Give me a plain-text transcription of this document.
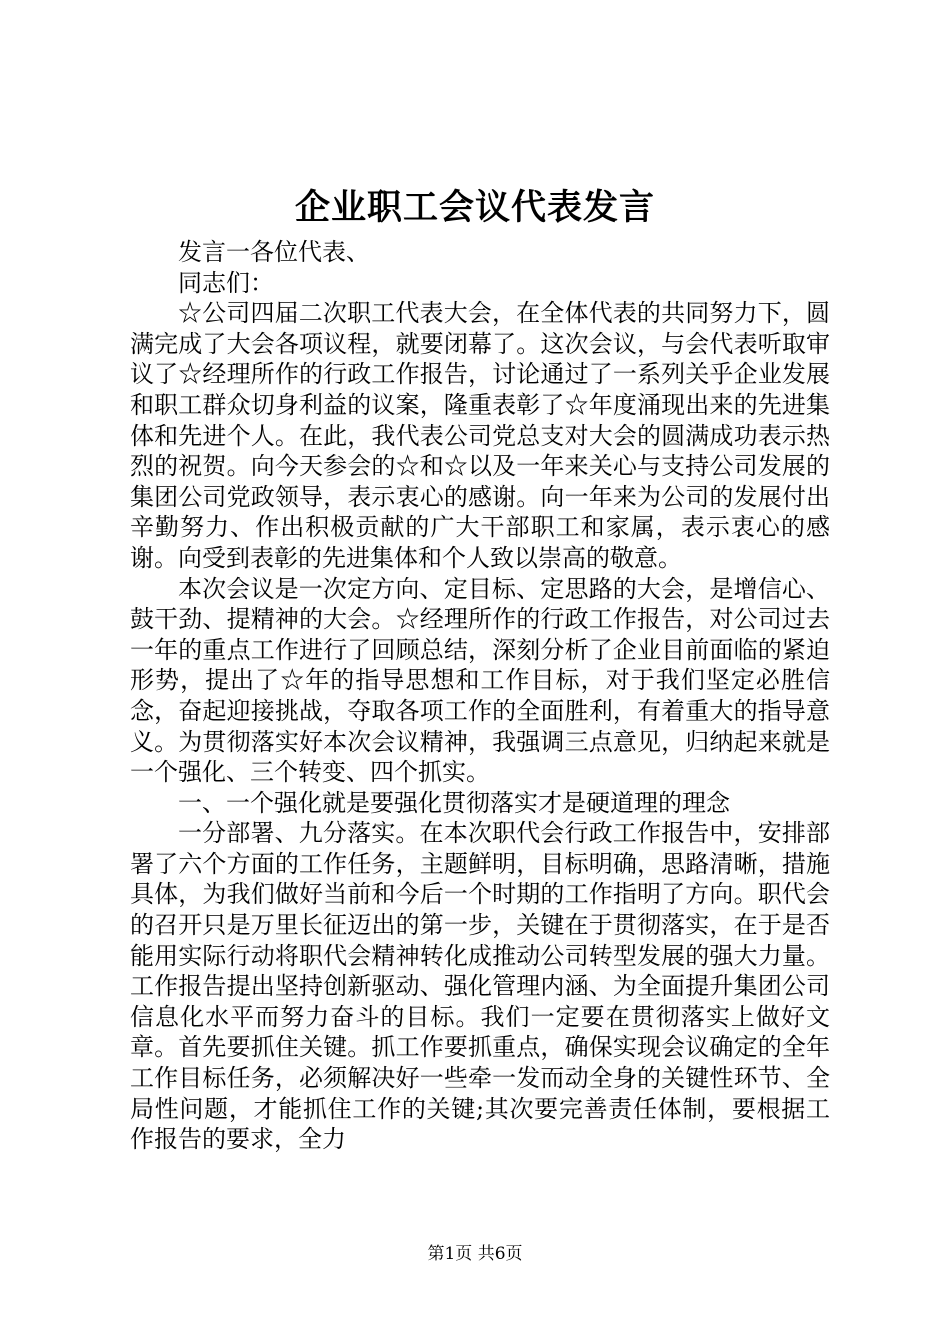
企业职工会议代表发言

发言一各位代表、

同志们：

☆公司四届二次职工代表大会，在全体代表的共同努力下，圆满完成了大会各项议程，就要闭幕了。这次会议，与会代表听取审议了☆经理所作的行政工作报告，讨论通过了一系列关乎企业发展和职工群众切身利益的议案，隆重表彰了☆年度涌现出来的先进集体和先进个人。在此，我代表公司党总支对大会的圆满成功表示热烈的祝贺。向今天参会的☆和☆以及一年来关心与支持公司发展的集团公司党政领导，表示衷心的感谢。向一年来为公司的发展付出辛勤努力、作出积极贡献的广大干部职工和家属，表示衷心的感谢。向受到表彰的先进集体和个人致以崇高的敬意。

本次会议是一次定方向、定目标、定思路的大会，是增信心、鼓干劲、提精神的大会。☆经理所作的行政工作报告，对公司过去一年的重点工作进行了回顾总结，深刻分析了企业目前面临的紧迫形势，提出了☆年的指导思想和工作目标，对于我们坚定必胜信念，奋起迎接挑战，夺取各项工作的全面胜利，有着重大的指导意义。为贯彻落实好本次会议精神，我强调三点意见，归纳起来就是一个强化、三个转变、四个抓实。

一、一个强化就是要强化贯彻落实才是硬道理的理念

一分部署、九分落实。在本次职代会行政工作报告中，安排部署了六个方面的工作任务，主题鲜明，目标明确，思路清晰，措施具体，为我们做好当前和今后一个时期的工作指明了方向。职代会的召开只是万里长征迈出的第一步，关键在于贯彻落实，在于是否能用实际行动将职代会精神转化成推动公司转型发展的强大力量。工作报告提出坚持创新驱动、强化管理内涵、为全面提升集团公司信息化水平而努力奋斗的目标。我们一定要在贯彻落实上做好文章。首先要抓住关键。抓工作要抓重点，确保实现会议确定的全年工作目标任务，必须解决好一些牵一发而动全身的关键性环节、全局性问题，才能抓住工作的关键;其次要完善责任体制，要根据工作报告的要求，全力

第1页 共6页
